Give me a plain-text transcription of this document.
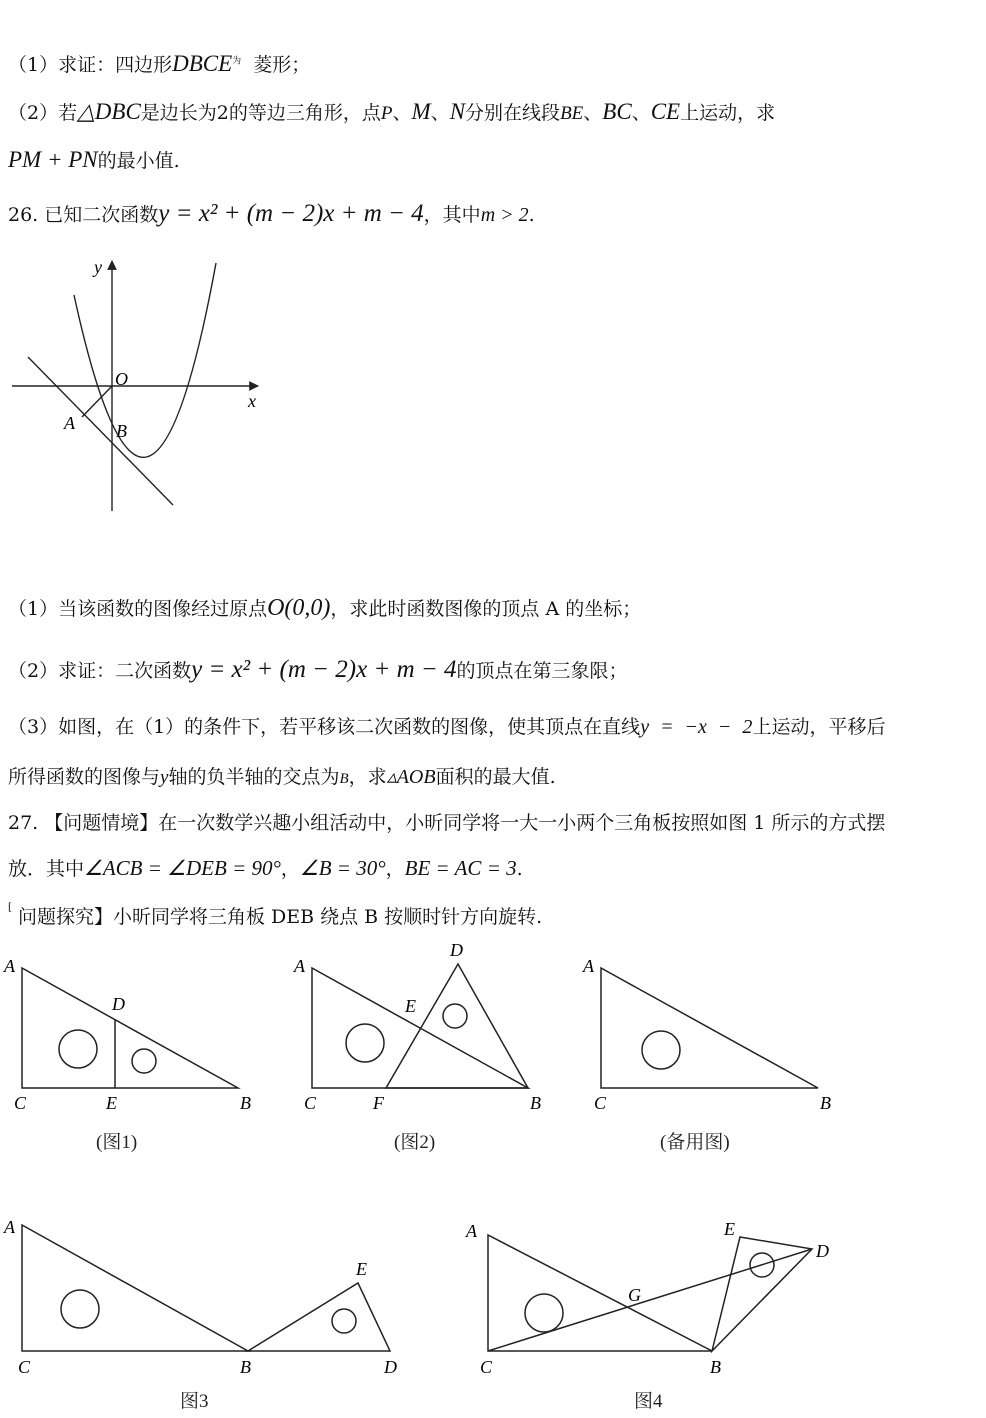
（1）求证：四边形$DBCE^为$ 菱形；
（2）若△DBC是边长为2的等边三角形，点P、M、N分别在线段BE、BC、CE上运动，求
PM + PN的最小值.
26. 已知二次函数y = x² + (m − 2)x + m − 4，其中m > 2.
y
x
O
A B
（1）当该函数的图像经过原点O(0,0)，求此时函数图像的顶点 A 的坐标；
（2）求证：二次函数y = x² + (m − 2)x + m − 4的顶点在第三象限；
（3）如图，在（1）的条件下，若平移该二次函数的图像，使其顶点在直线y = −x − 2上运动，平移后
所得函数的图像与y轴的负半轴的交点为B，求▵AOB面积的最大值.
27. 【问题情境】在一次数学兴趣小组活动中，小昕同学将一大一小两个三角板按照如图 1 所示的方式摆
放．其中∠ACB = ∠DEB = 90°，∠B = 30°，BE = AC = 3.
[ 问题探究】小昕同学将三角板 DEB 绕点 B 按顺时针方向旋转.
A
C	E	B
D
A
C	F	B
E
D
A
C	B
(图1)	(图2)	(备用图)
A
C	B
E
D
A
C	B
E
D
G
图3	图4
